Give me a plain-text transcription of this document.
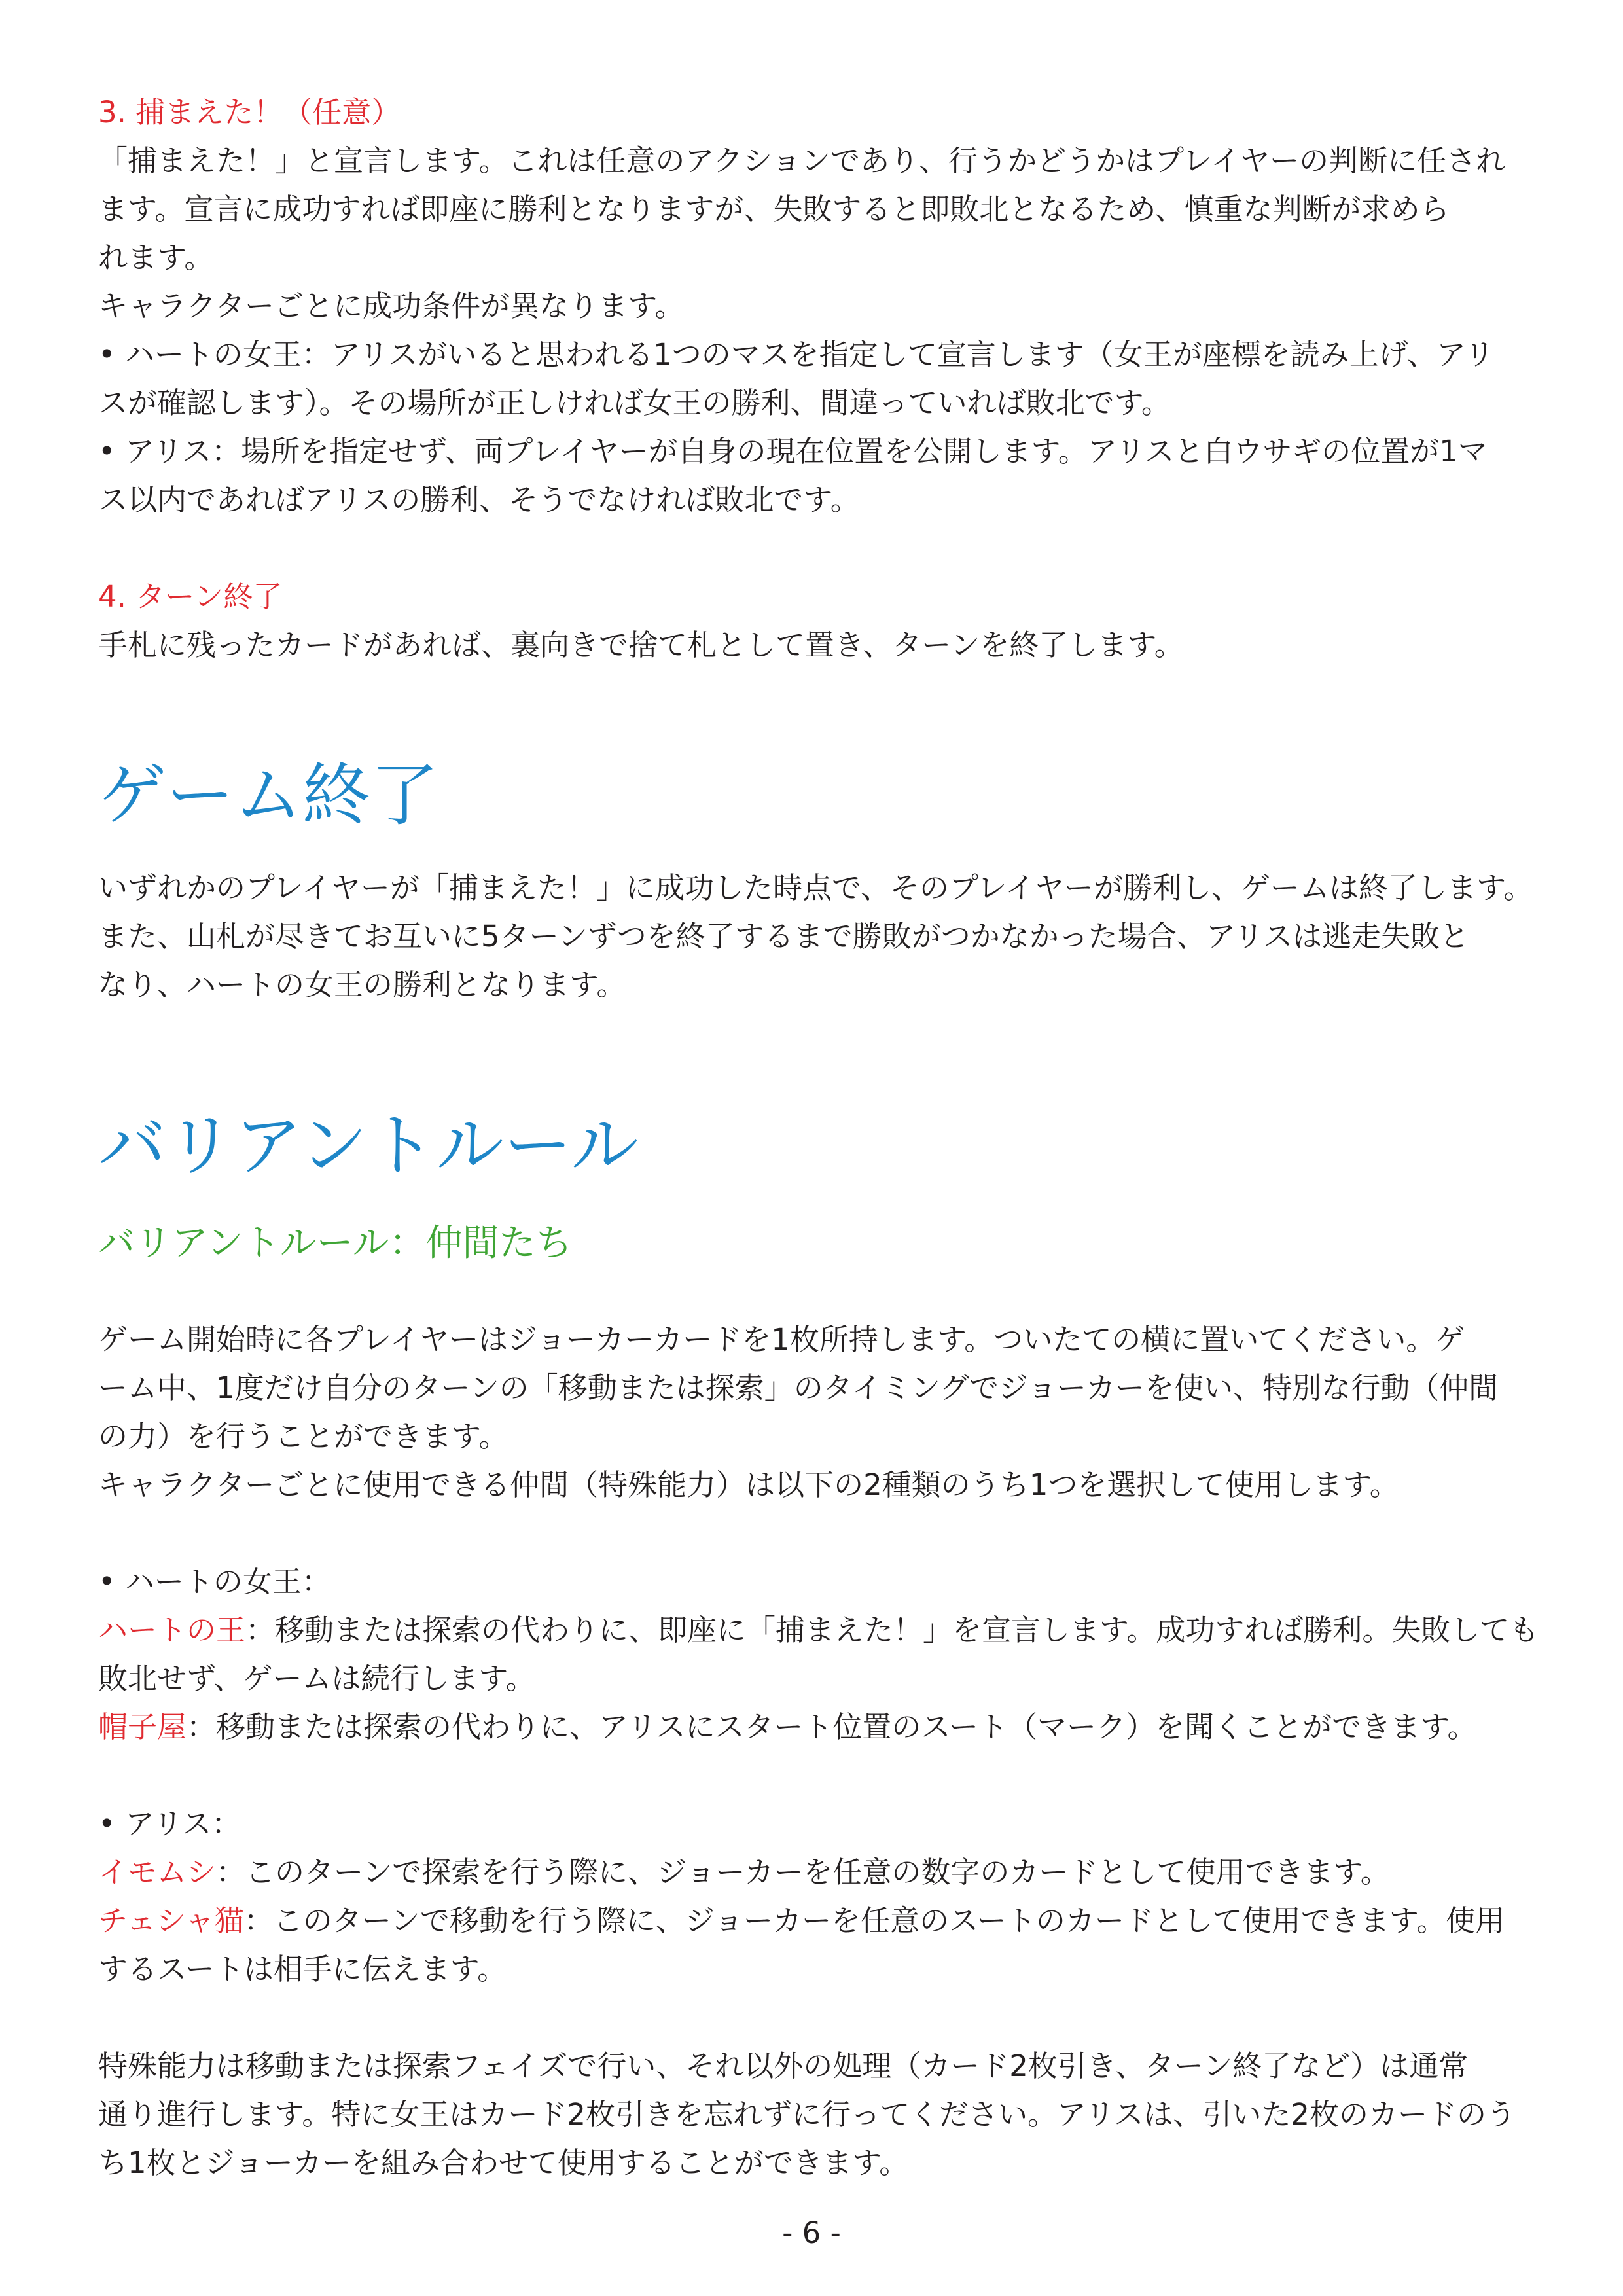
3. 捕まえた！（任意）

「捕まえた！」と宣言します。これは任意のアクションであり、行うかどうかはプレイヤーの判断に任され

ます。宣言に成功すれば即座に勝利となりますが、失敗すると即敗北となるため、慎重な判断が求めら

れます。

キャラクターごとに成功条件が異なります。

• ハートの女王：アリスがいると思われる1つのマスを指定して宣言します（女王が座標を読み上げ、アリ

スが確認します）。その場所が正しければ女王の勝利、間違っていれば敗北です。

• アリス：場所を指定せず、両プレイヤーが自身の現在位置を公開します。アリスと白ウサギの位置が1マ

ス以内であればアリスの勝利、そうでなければ敗北です。

4. ターン終了

手札に残ったカードがあれば、裏向きで捨て札として置き、ターンを終了します。

ゲーム終了

いずれかのプレイヤーが「捕まえた！」に成功した時点で、そのプレイヤーが勝利し、ゲームは終了します。

また、山札が尽きてお互いに5ターンずつを終了するまで勝敗がつかなかった場合、アリスは逃走失敗と

なり、ハートの女王の勝利となります。

バリアントルール
バリアントルール：仲間たち

ゲーム開始時に各プレイヤーはジョーカーカードを1枚所持します。ついたての横に置いてください。ゲ

ーム中、1度だけ自分のターンの「移動または探索」のタイミングでジョーカーを使い、特別な行動（仲間

の力）を行うことができます。

キャラクターごとに使用できる仲間（特殊能力）は以下の2種類のうち1つを選択して使用します。

• ハートの女王：

ハートの王：移動または探索の代わりに、即座に「捕まえた！」を宣言します。成功すれば勝利。失敗しても

敗北せず、ゲームは続行します。

帽子屋：移動または探索の代わりに、アリスにスタート位置のスート（マーク）を聞くことができます。

• アリス：

イモムシ：このターンで探索を行う際に、ジョーカーを任意の数字のカードとして使用できます。

チェシャ猫：このターンで移動を行う際に、ジョーカーを任意のスートのカードとして使用できます。使用

するスートは相手に伝えます。

特殊能力は移動または探索フェイズで行い、それ以外の処理（カード2枚引き、ターン終了など）は通常

通り進行します。特に女王はカード2枚引きを忘れずに行ってください。アリスは、引いた2枚のカードのう

ち1枚とジョーカーを組み合わせて使用することができます。

- 6 -
